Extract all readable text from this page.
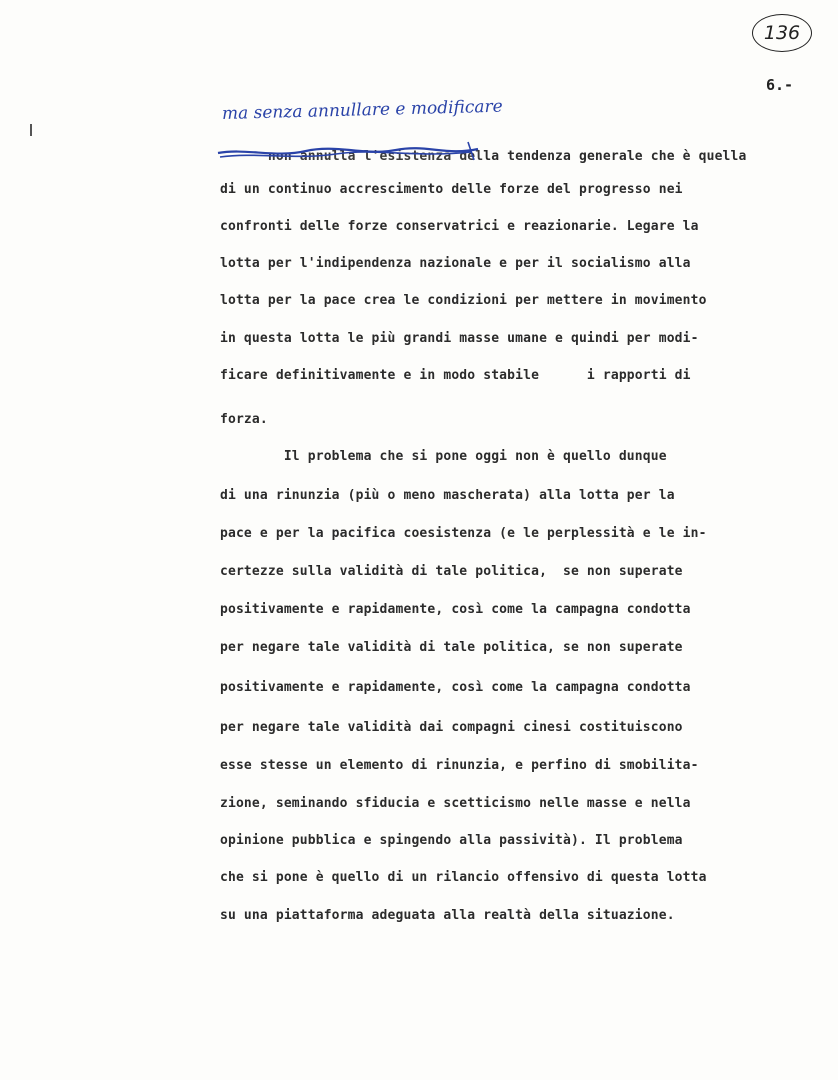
136
6.-
ma senza annullare e modificare

non annulla l'esistenza della tendenza generale che è quella

di un continuo accrescimento delle forze del progresso nei
confronti delle forze conservatrici e reazionarie. Legare la
lotta per l'indipendenza nazionale e per il socialismo alla
lotta per la pace crea le condizioni per mettere in movimento
in questa lotta le più grandi masse umane e quindi per modi-
ficare definitivamente e in modo stabile      i rapporti di
forza.
Il problema che si pone oggi non è quello dunque
di una rinunzia (più o meno mascherata) alla lotta per la
pace e per la pacifica coesistenza (e le perplessità e le in-
certezze sulla validità di tale politica,  se non superate
positivamente e rapidamente, così come la campagna condotta
per negare tale validità di tale politica, se non superate
positivamente e rapidamente, così come la campagna condotta
per negare tale validità dai compagni cinesi costituiscono
esse stesse un elemento di rinunzia, e perfino di smobilita-
zione, seminando sfiducia e scetticismo nelle masse e nella
opinione pubblica e spingendo alla passività). Il problema
che si pone è quello di un rilancio offensivo di questa lotta
su una piattaforma adeguata alla realtà della situazione.
